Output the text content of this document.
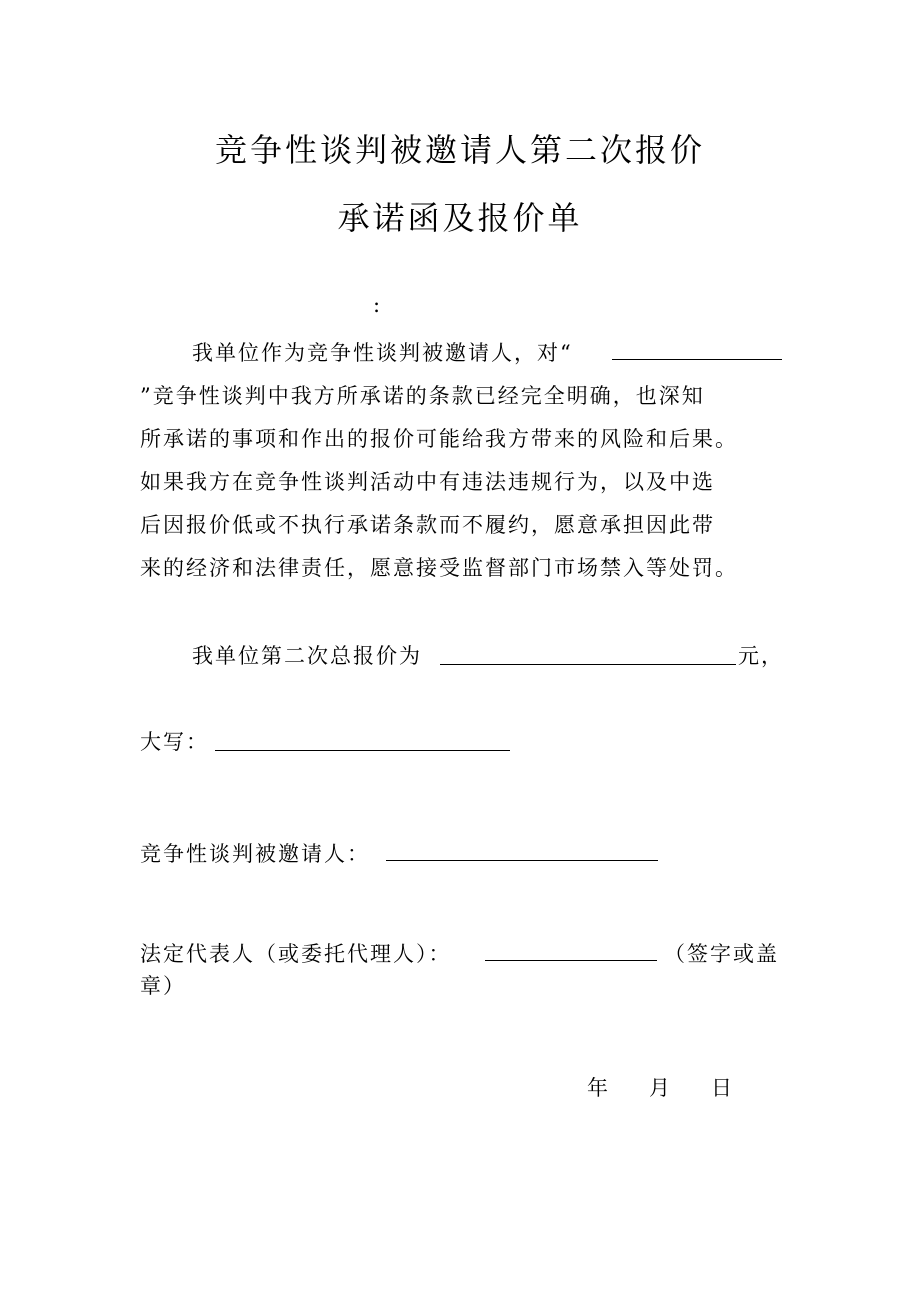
竞争性谈判被邀请人第二次报价
承诺函及报价单
:
我单位作为竞争性谈判被邀请人，对“
”竞争性谈判中我方所承诺的条款已经完全明确，也深知
所承诺的事项和作出的报价可能给我方带来的风险和后果。
如果我方在竞争性谈判活动中有违法违规行为，以及中选
后因报价低或不执行承诺条款而不履约，愿意承担因此带
来的经济和法律责任，愿意接受监督部门市场禁入等处罚。
我单位第二次总报价为	元，
大写：
竞争性谈判被邀请人：
法定代表人（或委托代理人）：	（签字或盖
章）
年 月 日
